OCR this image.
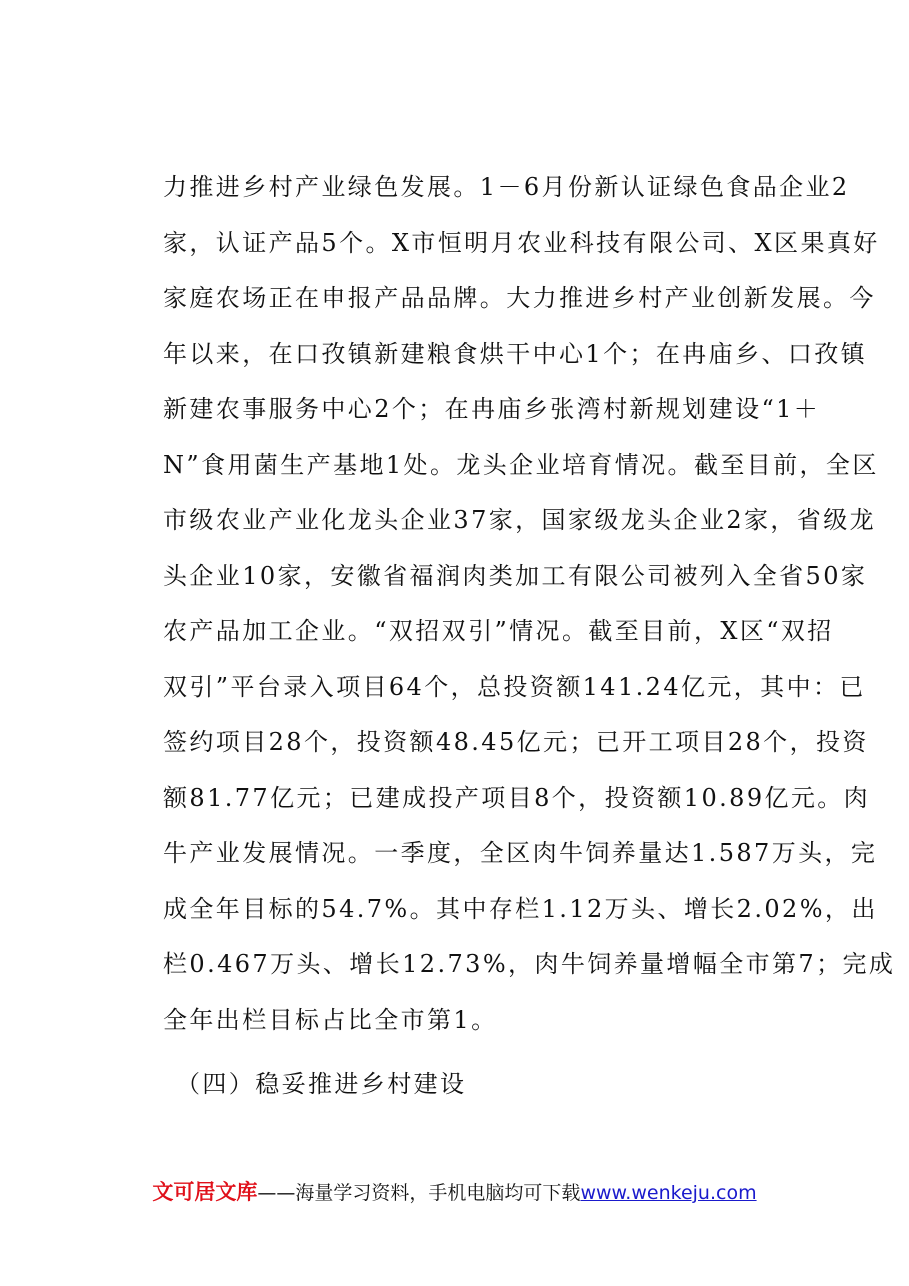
力推进乡村产业绿色发展。1－6月份新认证绿色食品企业2
家，认证产品5个。X市恒明月农业科技有限公司、X区果真好
家庭农场正在申报产品品牌。大力推进乡村产业创新发展。今
年以来，在口孜镇新建粮食烘干中心1个；在冉庙乡、口孜镇
新建农事服务中心2个；在冉庙乡张湾村新规划建设“1＋
N”食用菌生产基地1处。龙头企业培育情况。截至目前，全区
市级农业产业化龙头企业37家，国家级龙头企业2家，省级龙
头企业10家，安徽省福润肉类加工有限公司被列入全省50家
农产品加工企业。“双招双引”情况。截至目前，X区“双招
双引”平台录入项目64个，总投资额141.24亿元，其中：已
签约项目28个，投资额48.45亿元；已开工项目28个，投资
额81.77亿元；已建成投产项目8个，投资额10.89亿元。肉
牛产业发展情况。一季度，全区肉牛饲养量达1.587万头，完
成全年目标的54.7%。其中存栏1.12万头、增长2.02%，出
栏0.467万头、增长12.73%，肉牛饲养量增幅全市第7；完成
全年出栏目标占比全市第1。
（四）稳妥推进乡村建设
文可居文库——海量学习资料，手机电脑均可下载www.wenkeju.com
